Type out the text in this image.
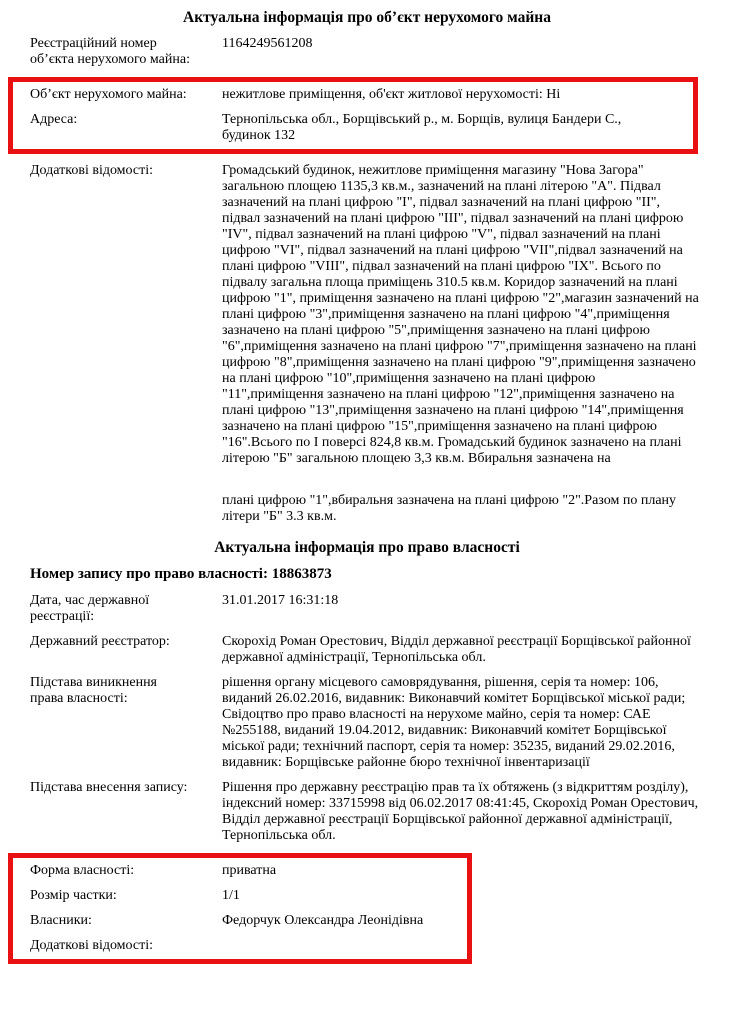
Актуальна інформація про об’єкт нерухомого майна
Реєстраційний номер об’єкта нерухомого майна:
1164249561208
Об’єкт нерухомого майна:	нежитлове приміщення, об'єкт житлової нерухомості: Ні
Адреса:	Тернопільська обл., Борщівський р., м. Борщів, вулиця Бандери С., будинок 132
Додаткові відомості:	Громадський будинок, нежитлове приміщення магазину "Нова Загора" загальною площею 1135,3 кв.м., зазначений на плані літерою "А". Підвал зазначений на плані цифрою "I", підвал зазначений на плані цифрою "II", підвал зазначений на плані цифрою "III", підвал зазначений на плані цифрою "IV", підвал зазначений на плані цифрою "V", підвал зазначений на плані цифрою "VI", підвал зазначений на плані цифрою "VII",підвал зазначений на плані цифрою "VIII", підвал зазначений на плані цифрою "IX". Всього по підвалу загальна площа приміщень 310.5 кв.м. Коридор зазначений на плані цифрою "1", приміщення зазначено на плані цифрою "2",магазин зазначений на плані цифрою "3",приміщення зазначено на плані цифрою "4",приміщення зазначено на плані цифрою "5",приміщення зазначено на плані цифрою "6",приміщення зазначено на плані цифрою "7",приміщення зазначено на плані цифрою "8",приміщення зазначено на плані цифрою "9",приміщення зазначено на плані цифрою "10",приміщення зазначено на плані цифрою "11",приміщення зазначено на плані цифрою "12",приміщення зазначено на плані цифрою "13",приміщення зазначено на плані цифрою "14",приміщення зазначено на плані цифрою "15",приміщення зазначено на плані цифрою "16".Всього по І поверсі 824,8 кв.м. Громадський будинок зазначено на плані літерою "Б" загальною площею 3,3 кв.м. Вбиральня зазначена на

плані цифрою "1",вбиральня зазначена на плані цифрою "2".Разом по плану літери "Б" 3.3 кв.м.

Актуальна інформація про право власності
Номер запису про право власності: 18863873
Дата, час державної реєстрації:
31.01.2017 16:31:18
Державний реєстратор:	Скорохід Роман Орестович, Відділ державної реєстрації Борщівської районної державної адміністрації, Тернопільська обл.
Підстава виникнення права власності:
рішення органу місцевого самоврядування, рішення, серія та номер: 106, виданий 26.02.2016, видавник: Виконавчий комітет Борщівської міської ради; Свідоцтво про право власності на нерухоме майно, серія та номер: САЕ №255188, виданий 19.04.2012, видавник: Виконавчий комітет Борщівської міської ради; технічний паспорт, серія та номер: 35235, виданий 29.02.2016, видавник: Борщівське районне бюро технічної інвентаризації
Підстава внесення запису: Рішення про державну реєстрацію прав та їх обтяжень (з відкриттям розділу), індексний номер: 33715998 від 06.02.2017 08:41:45, Скорохід Роман Орестович, Відділ державної реєстрації Борщівської районної державної адміністрації, Тернопільська обл.
Форма власності:	приватна
Розмір частки:	1/1
Власники:	Федорчук Олександра Леонідівна
Додаткові відомості:
